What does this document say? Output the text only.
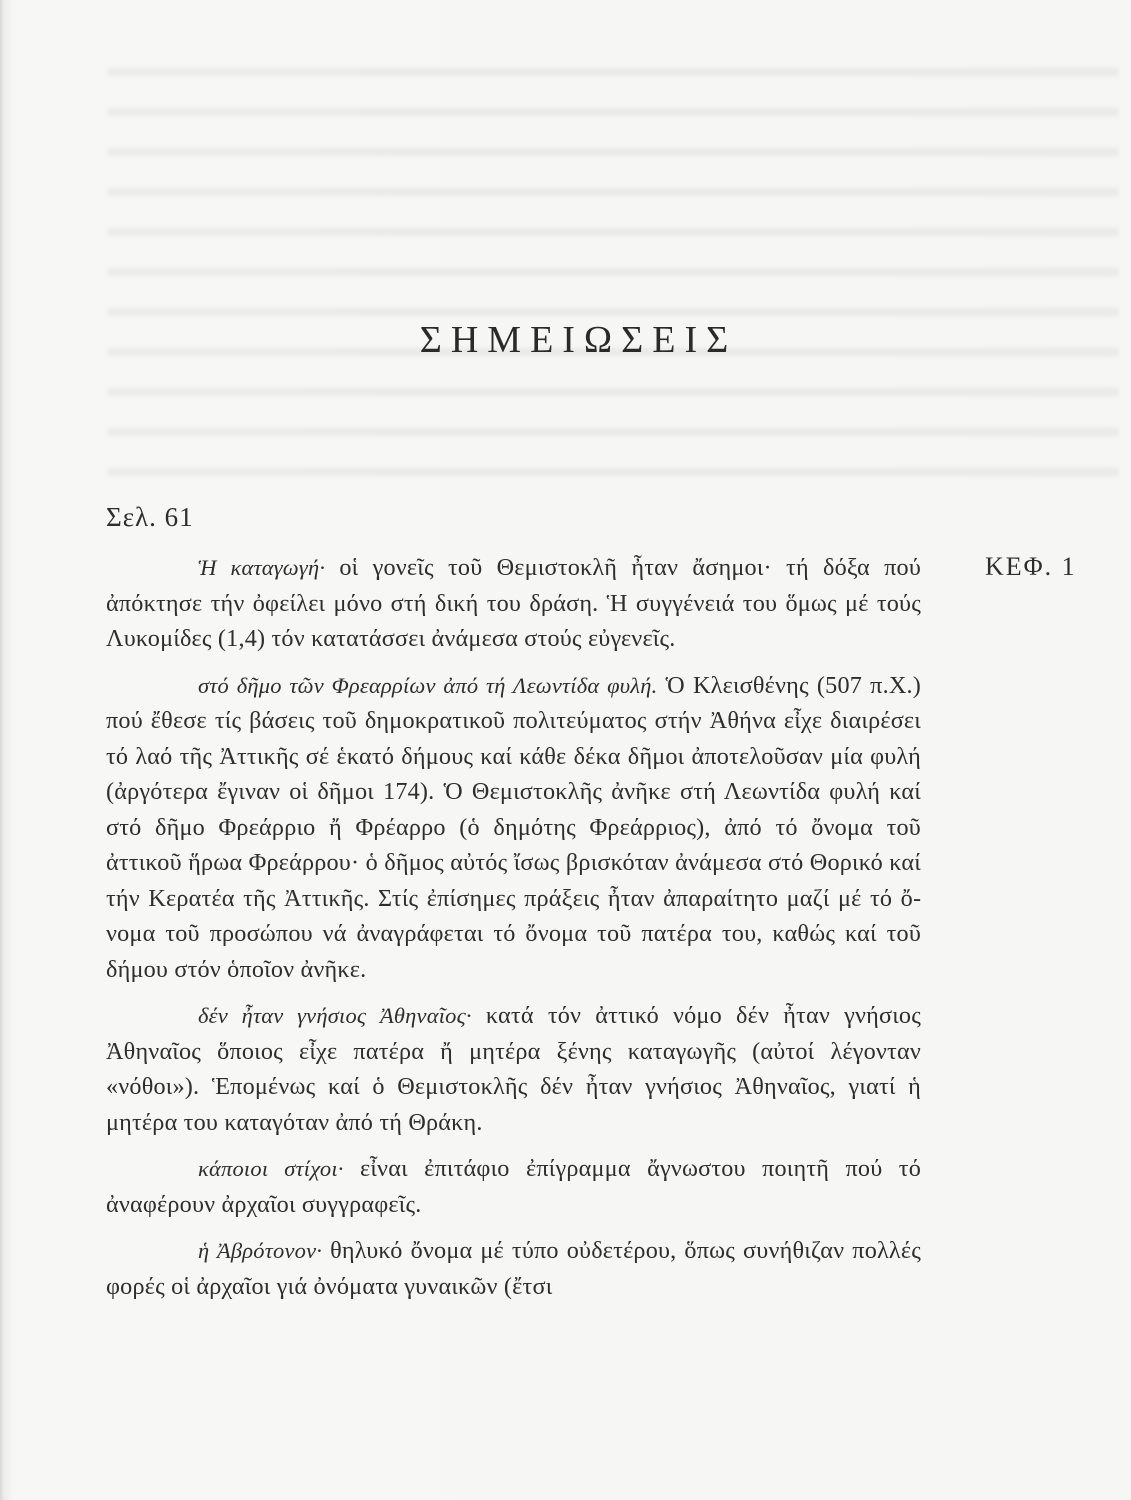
ΣΗΜΕΙΩΣΕΙΣ
Σελ. 61
ΚΕΦ. 1

Ἡ καταγωγή· οἱ γονεῖς τοῦ Θεμιστοκλῆ ἦταν ἄσημοι· τή δόξα πού ἀπόκτησε τήν ὀφείλει μόνο στή δική του δράση. Ἡ συγγένειά του ὅμως μέ τούς Λυκομίδες (1,4) τόν κατατάσσει ἀνάμεσα στούς εὐγενεῖς.

στό δῆμο τῶν Φρεαρρίων ἀπό τή Λεωντίδα φυλή. Ὁ Κλεισθένης (507 π.Χ.) πού ἔθεσε τίς βάσεις τοῦ δημοκρατικοῦ πολιτεύματος στήν Ἀθήνα εἶχε διαιρέσει τό λαό τῆς Ἀττικῆς σέ ἑκατό δήμους καί κάθε δέκα δῆμοι ἀποτελοῦσαν μία φυλή (ἀργότερα ἔγιναν οἱ δῆμοι 174). Ὁ Θεμιστοκλῆς ἀνῆκε στή Λεωντίδα φυλή καί στό δῆμο Φρεάρριο ἤ Φρέαρρο (ὁ δημότης Φρεάρριος), ἀπό τό ὄνομα τοῦ ἀττικοῦ ἥρωα Φρεάρρου· ὁ δῆμος αὐτός ἴσως βρισκόταν ἀνάμεσα στό Θορικό καί τήν Κερατέα τῆς Ἀττικῆς. Στίς ἐπίσημες πράξεις ἦταν ἀπαραίτητο μαζί μέ τό ὄνομα τοῦ προσώπου νά ἀναγράφεται τό ὄνομα τοῦ πατέρα του, καθώς καί τοῦ δήμου στόν ὁποῖον ἀνῆκε.

δέν ἦταν γνήσιος Ἀθηναῖος· κατά τόν ἀττικό νόμο δέν ἦταν γνήσιος Ἀθηναῖος ὅποιος εἶχε πατέρα ἤ μητέρα ξένης καταγωγῆς (αὐτοί λέγονταν «νόθοι»). Ἑπομένως καί ὁ Θεμιστοκλῆς δέν ἦταν γνήσιος Ἀθηναῖος, γιατί ἡ μητέρα του καταγόταν ἀπό τή Θράκη.

κάποιοι στίχοι· εἶναι ἐπιτάφιο ἐπίγραμμα ἄγνωστου ποιητῆ πού τό ἀναφέρουν ἀρχαῖοι συγγραφεῖς.

ἡ Ἀβρότονον· θηλυκό ὄνομα μέ τύπο οὐδετέρου, ὅπως συνήθιζαν πολλές φορές οἱ ἀρχαῖοι γιά ὀνόματα γυναικῶν (ἔτσι
